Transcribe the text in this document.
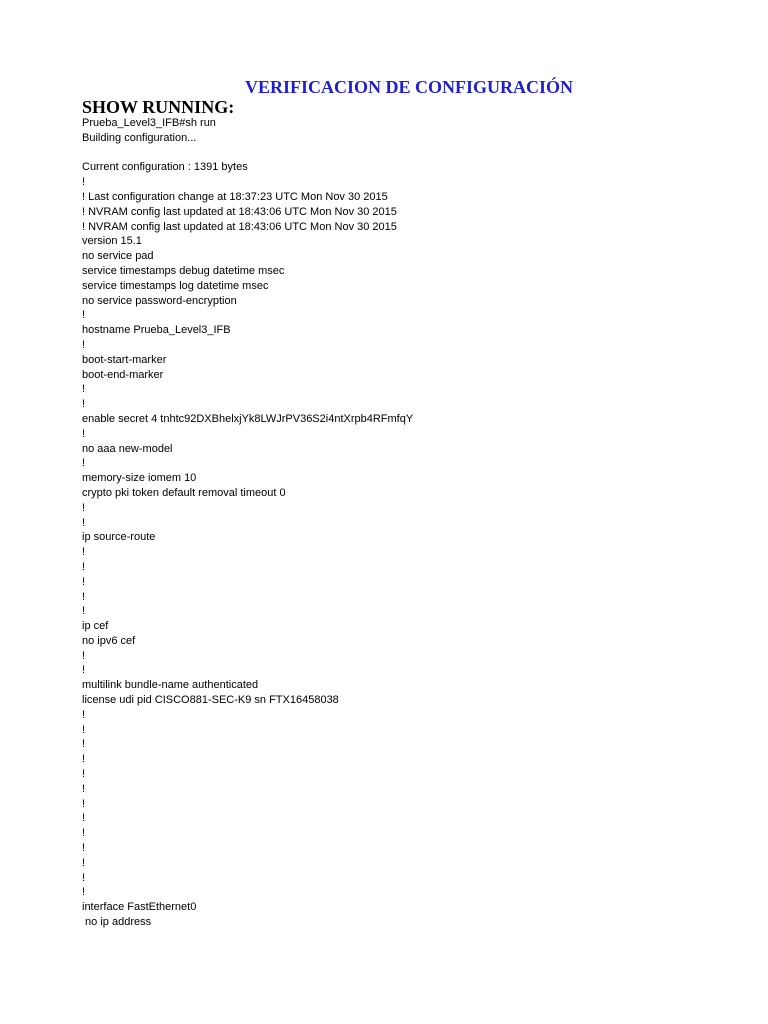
VERIFICACION DE CONFIGURACIÓN
SHOW RUNNING:
Prueba_Level3_IFB#sh run
Building configuration...
Current configuration : 1391 bytes
!
! Last configuration change at 18:37:23 UTC Mon Nov 30 2015
! NVRAM config last updated at 18:43:06 UTC Mon Nov 30 2015
! NVRAM config last updated at 18:43:06 UTC Mon Nov 30 2015
version 15.1
no service pad
service timestamps debug datetime msec
service timestamps log datetime msec
no service password-encryption
!
hostname Prueba_Level3_IFB
!
boot-start-marker
boot-end-marker
!
!
enable secret 4 tnhtc92DXBhelxjYk8LWJrPV36S2i4ntXrpb4RFmfqY
!
no aaa new-model
!
memory-size iomem 10
crypto pki token default removal timeout 0
!
!
ip source-route
!
!
!
!
!
ip cef
no ipv6 cef
!
!
multilink bundle-name authenticated
license udi pid CISCO881-SEC-K9 sn FTX16458038
!
!
!
!
!
!
!
!
!
!
!
!
!
interface FastEthernet0
no ip address
